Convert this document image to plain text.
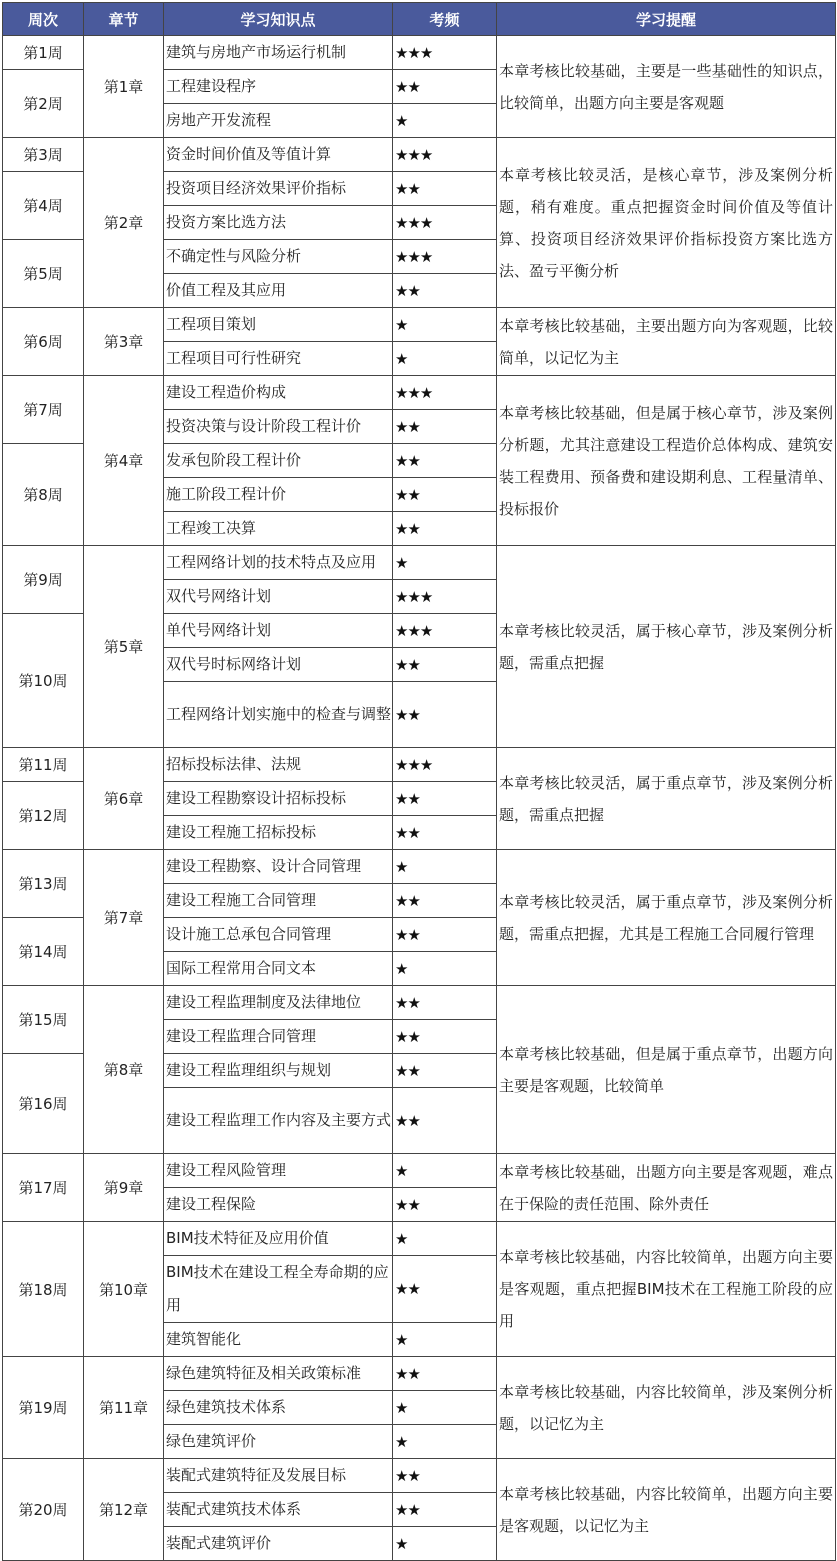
周次	章节	学习知识点	考频	学习提醒
第1周	第1章	建筑与房地产市场运行机制	★★★	本章考核比较基础，主要是一些基础性的知识点，比较简单，出题方向主要是客观题
第2周		工程建设程序	★★	
		房地产开发流程	★	
第3周	第2章	资金时间价值及等值计算	★★★	本章考核比较灵活，是核心章节，涉及案例分析题，稍有难度。重点把握资金时间价值及等值计算、投资项目经济效果评价指标投资方案比选方法、盈亏平衡分析
第4周		投资项目经济效果评价指标	★★	
		投资方案比选方法	★★★	
第5周		不确定性与风险分析	★★★	
		价值工程及其应用	★★	
第6周	第3章	工程项目策划	★	本章考核比较基础，主要出题方向为客观题，比较简单，以记忆为主
		工程项目可行性研究	★	
第7周	第4章	建设工程造价构成	★★★	本章考核比较基础，但是属于核心章节，涉及案例分析题，尤其注意建设工程造价总体构成、建筑安装工程费用、预备费和建设期利息、工程量清单、投标报价
		投资决策与设计阶段工程计价	★★	
第8周		发承包阶段工程计价	★★	
		施工阶段工程计价	★★	
		工程竣工决算	★★	
第9周	第5章	工程网络计划的技术特点及应用	★	本章考核比较灵活，属于核心章节，涉及案例分析题，需重点把握
		双代号网络计划	★★★	
第10周		单代号网络计划	★★★	
		双代号时标网络计划	★★	
		工程网络计划实施中的检查与调整	★★	
第11周	第6章	招标投标法律、法规	★★★	本章考核比较灵活，属于重点章节，涉及案例分析题，需重点把握
第12周		建设工程勘察设计招标投标	★★	
		建设工程施工招标投标	★★	
第13周	第7章	建设工程勘察、设计合同管理	★	本章考核比较灵活，属于重点章节，涉及案例分析题，需重点把握，尤其是工程施工合同履行管理
		建设工程施工合同管理	★★	
第14周		设计施工总承包合同管理	★★	
		国际工程常用合同文本	★	
第15周	第8章	建设工程监理制度及法律地位	★★	本章考核比较基础，但是属于重点章节，出题方向主要是客观题，比较简单
		建设工程监理合同管理	★★	
第16周		建设工程监理组织与规划	★★	
		建设工程监理工作内容及主要方式	★★	
第17周	第9章	建设工程风险管理	★	本章考核比较基础，出题方向主要是客观题，难点在于保险的责任范围、除外责任
		建设工程保险	★★	
第18周	第10章	BIM技术特征及应用价值	★	本章考核比较基础，内容比较简单，出题方向主要是客观题，重点把握BIM技术在工程施工阶段的应用
		BIM技术在建设工程全寿命期的应用	★★	
		建筑智能化	★	
第19周	第11章	绿色建筑特征及相关政策标准	★★	本章考核比较基础，内容比较简单，涉及案例分析题，以记忆为主
		绿色建筑技术体系	★	
		绿色建筑评价	★	
第20周	第12章	装配式建筑特征及发展目标	★★	本章考核比较基础，内容比较简单，出题方向主要是客观题，以记忆为主
		装配式建筑技术体系	★★	
		装配式建筑评价	★	
